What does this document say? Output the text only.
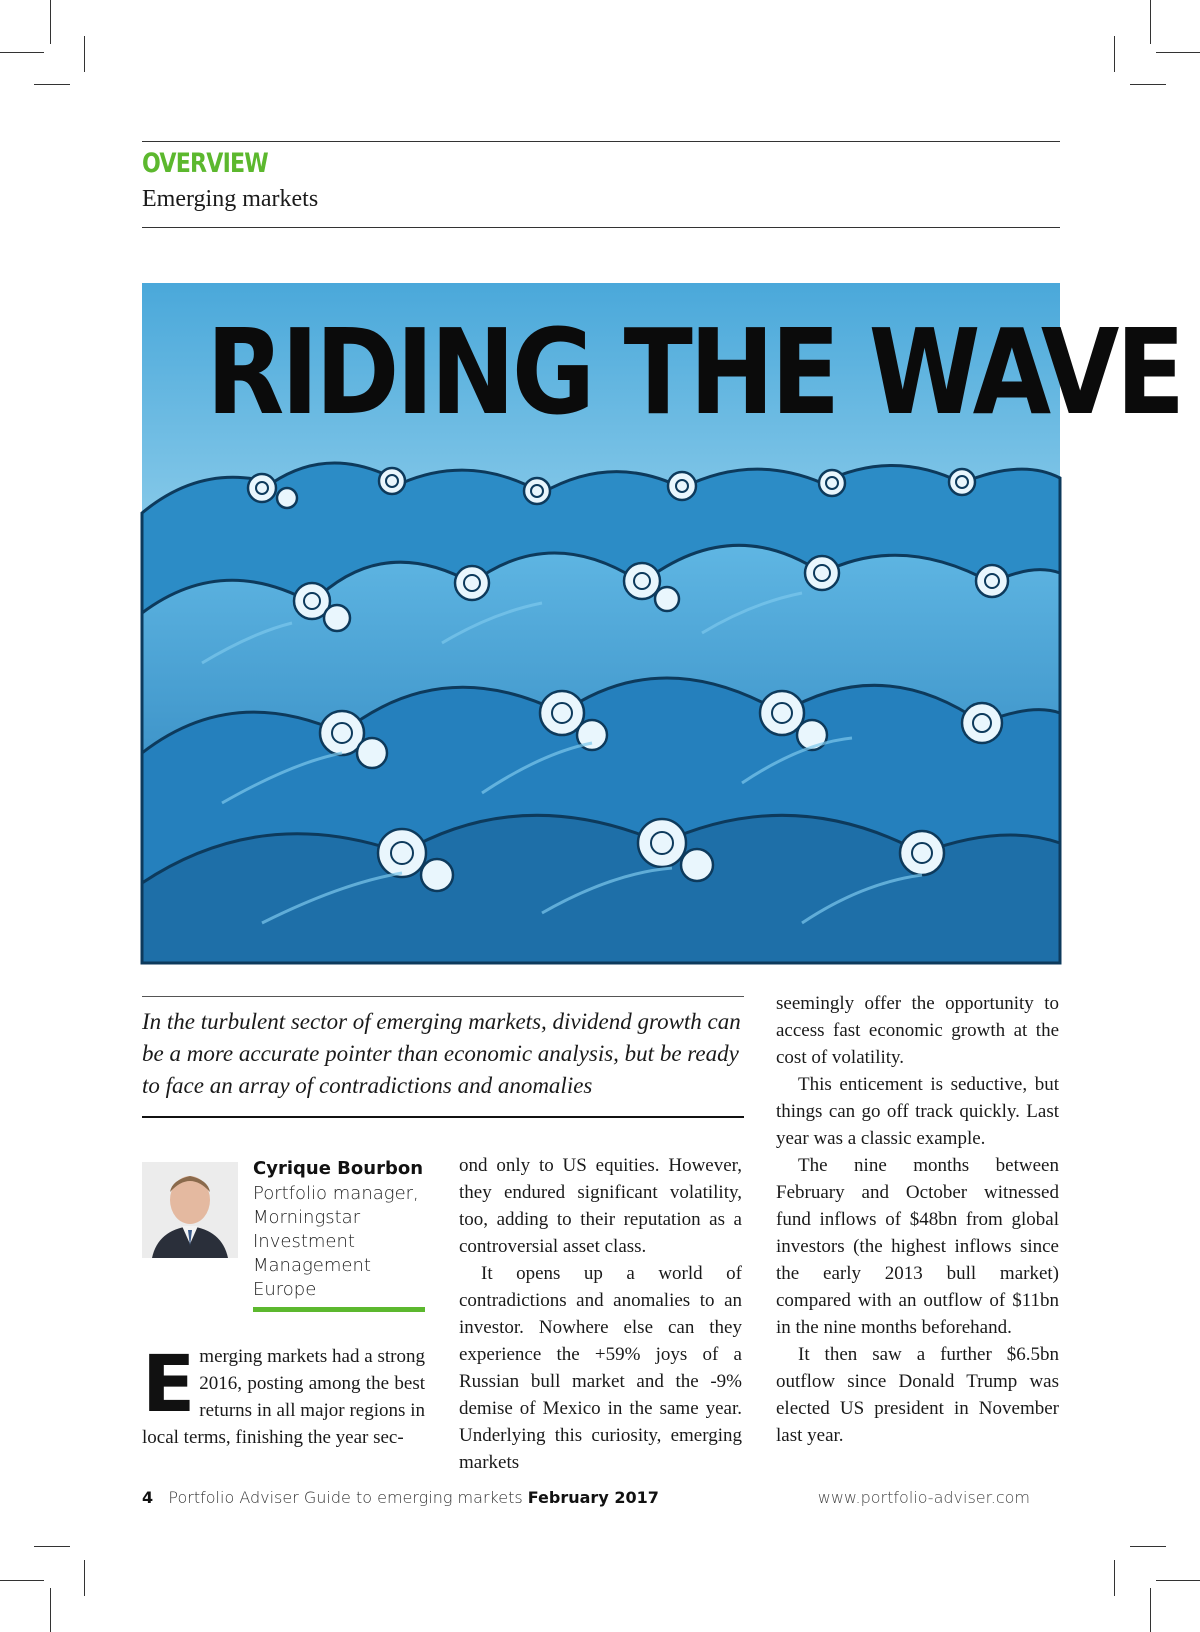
OVERVIEW
Emerging markets
RIDING THE WAVE
In the turbulent sector of emerging markets, dividend growth can be a more accurate pointer than economic analysis, but be ready to face an array of contradictions and anomalies
Cyrique Bourbon
Portfolio manager, Morningstar Investment Management Europe
E merging markets had a strong 2016, posting among the best returns in all major regions in local terms, finishing the year sec-

ond only to US equities. However, they endured significant volatility, too, adding to their reputation as a controversial asset class.

It opens up a world of contradictions and anomalies to an investor. Nowhere else can they experience the +59% joys of a Russian bull market and the -9% demise of Mexico in the same year. Underlying this curiosity, emerging markets

seemingly offer the opportunity to access fast economic growth at the cost of volatility.

This enticement is seductive, but things can go off track quickly. Last year was a classic example.

The nine months between February and October witnessed fund inflows of $48bn from global investors (the highest inflows since the early 2013 bull market) compared with an outflow of $11bn in the nine months beforehand.

It then saw a further $6.5bn outflow since Donald Trump was elected US president in November last year.

4 Portfolio Adviser Guide to emerging markets February 2017	www.portfolio-adviser.com
